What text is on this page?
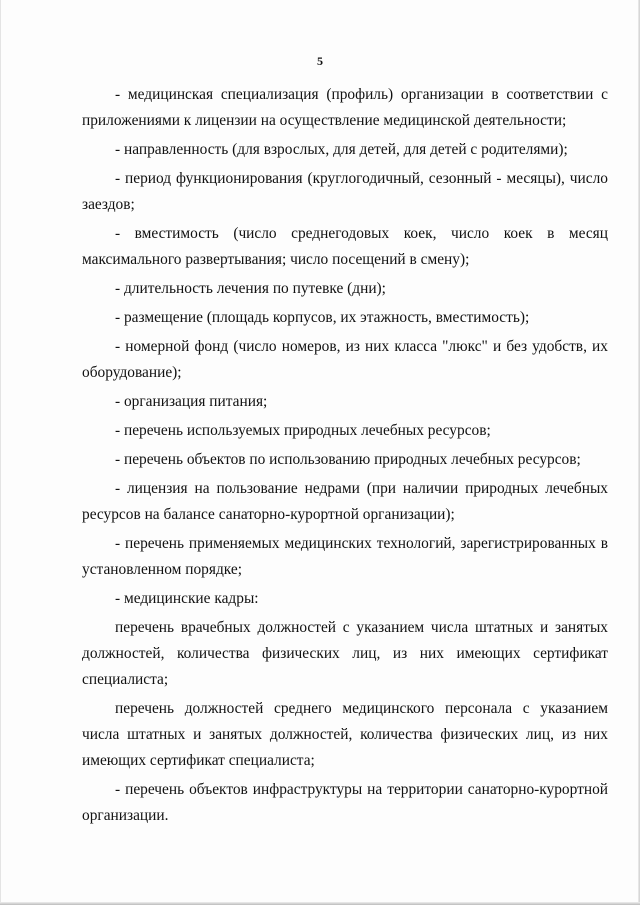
5

- медицинская специализация (профиль) организации в соответствии с приложениями к лицензии на осуществление медицинской деятельности;

- направленность (для взрослых, для детей, для детей с родителями);

- период функционирования (круглогодичный, сезонный - месяцы), число заездов;

- вместимость (число среднегодовых коек, число коек в месяц максимального развертывания; число посещений в смену);

- длительность лечения по путевке (дни);

- размещение (площадь корпусов, их этажность, вместимость);

- номерной фонд (число номеров, из них класса "люкс" и без удобств, их оборудование);

- организация питания;

- перечень используемых природных лечебных ресурсов;

- перечень объектов по использованию природных лечебных ресурсов;

- лицензия на пользование недрами (при наличии природных лечебных ресурсов на балансе санаторно-курортной организации);

- перечень применяемых медицинских технологий, зарегистрированных в установленном порядке;

- медицинские кадры:

перечень врачебных должностей с указанием числа штатных и занятых должностей, количества физических лиц, из них имеющих сертификат специалиста;

перечень должностей среднего медицинского персонала с указанием числа штатных и занятых должностей, количества физических лиц, из них имеющих сертификат специалиста;

- перечень объектов инфраструктуры на территории санаторно-курортной организации.
